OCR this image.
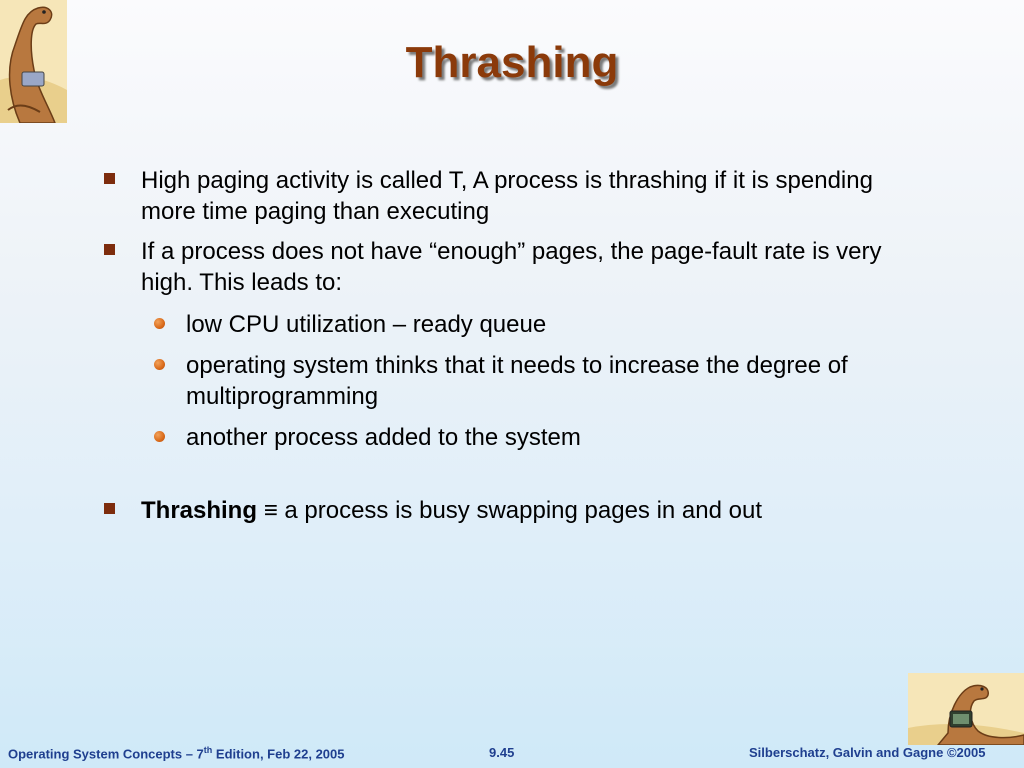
Thrashing
High paging activity is called T, A process is thrashing if it is spending more time paging than executing
If a process does not have “enough” pages, the page-fault rate is very high. This leads to:
low CPU utilization – ready queue
operating system thinks that it needs to increase the degree of multiprogramming
another process added to the system
Thrashing ≡ a process is busy swapping pages in and out
Operating System Concepts – 7th Edition, Feb 22, 2005	9.45	Silberschatz, Galvin and Gagne ©2005
